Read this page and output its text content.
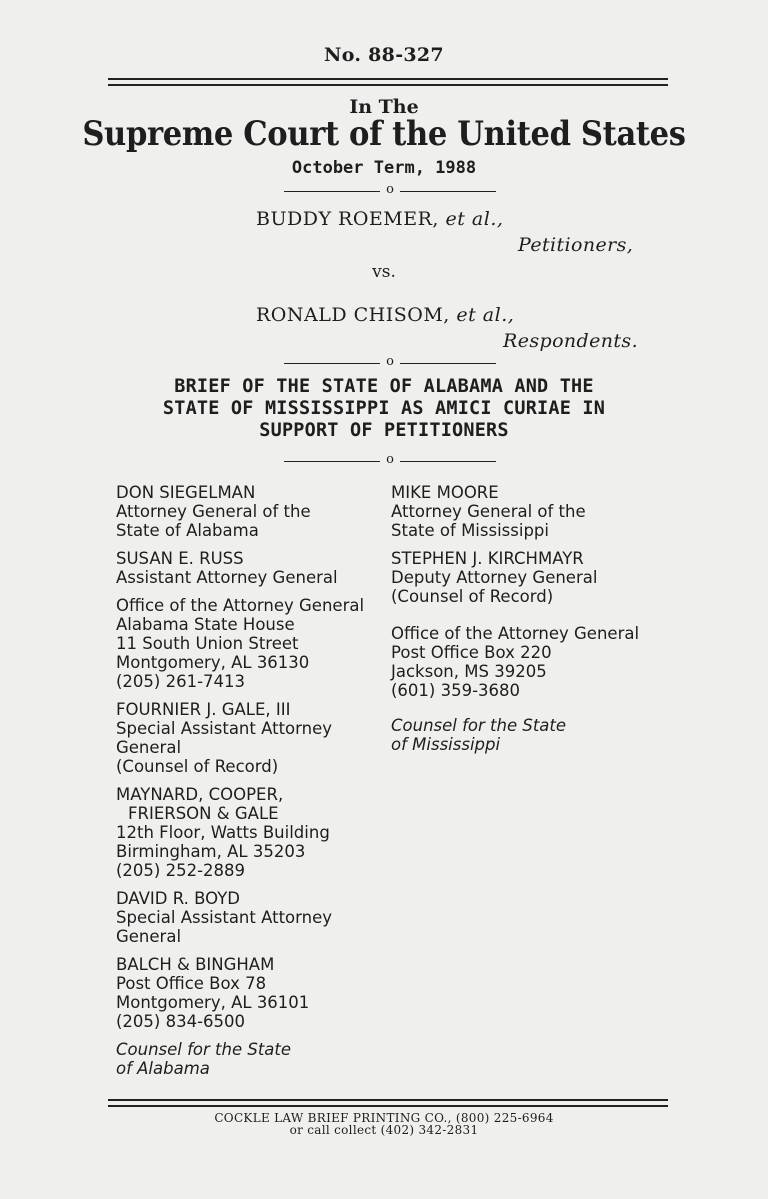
No. 88-327
In The
Supreme Court of the United States
October Term, 1988
o
BUDDY ROEMER, et al.,
Petitioners,
vs.
RONALD CHISOM, et al.,
Respondents.
o
BRIEF OF THE STATE OF ALABAMA AND THE
STATE OF MISSISSIPPI AS AMICI CURIAE IN
SUPPORT OF PETITIONERS
o
DON SIEGELMAN
Attorney General of the
State of Alabama
SUSAN E. RUSS
Assistant Attorney General
Office of the Attorney General
Alabama State House
11 South Union Street
Montgomery, AL 36130
(205) 261-7413
FOURNIER J. GALE, III
Special Assistant Attorney
General
(Counsel of Record)
MAYNARD, COOPER,
FRIERSON & GALE
12th Floor, Watts Building
Birmingham, AL 35203
(205) 252-2889
DAVID R. BOYD
Special Assistant Attorney
General
BALCH & BINGHAM
Post Office Box 78
Montgomery, AL 36101
(205) 834-6500
Counsel for the State
of Alabama
MIKE MOORE
Attorney General of the
State of Mississippi
STEPHEN J. KIRCHMAYR
Deputy Attorney General
(Counsel of Record)
Office of the Attorney General
Post Office Box 220
Jackson, MS 39205
(601) 359-3680
Counsel for the State
of Mississippi
COCKLE LAW BRIEF PRINTING CO., (800) 225-6964
or call collect (402) 342-2831
